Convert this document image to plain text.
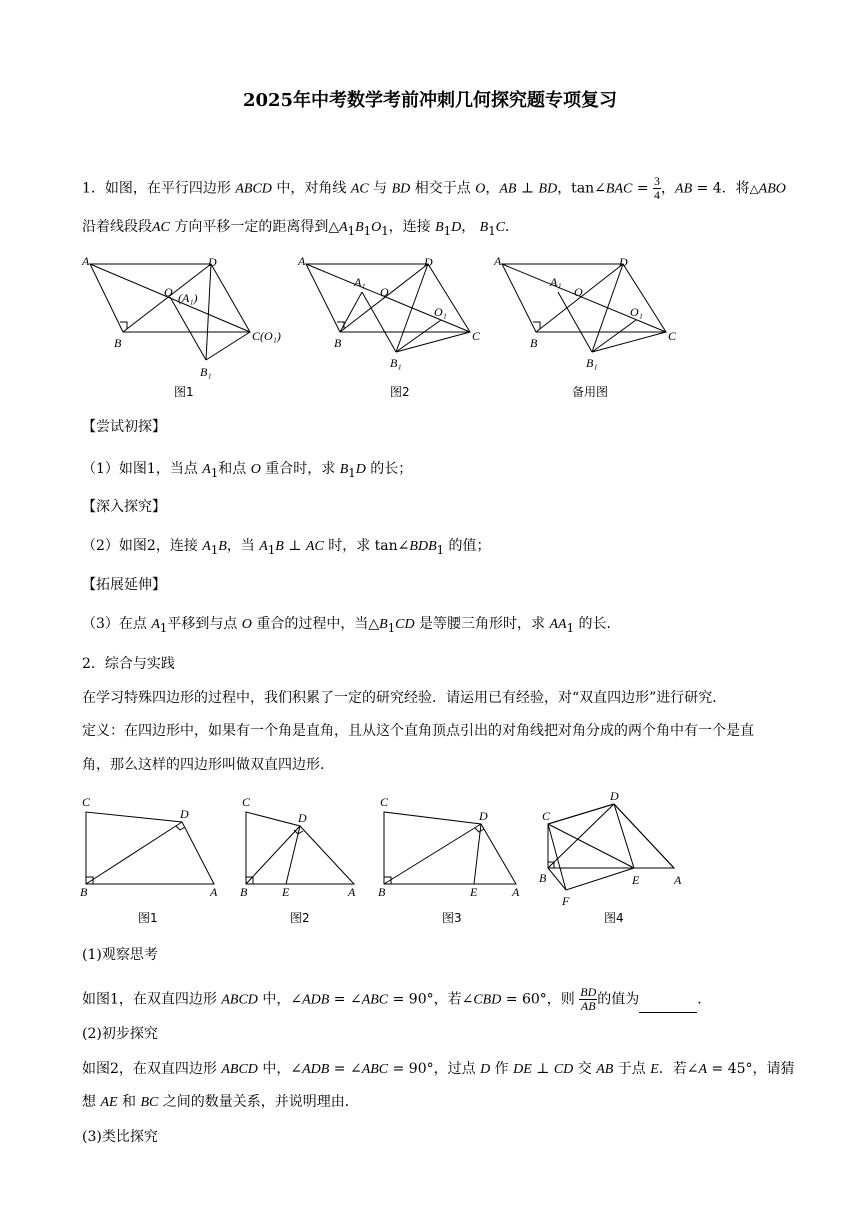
2025年中考数学考前冲刺几何探究题专项复习
1．如图，在平行四边形 ABCD 中，对角线 AC 与 BD 相交于点 O，AB ⊥ BD，tan∠BAC = $\frac{3}{4}$ ，AB = 4．将△ABO
沿着线段段AC 方向平移一定的距离得到$\triangle A_1B_1O_1$，连接 $B_1D$， $B_1C$．
A	D
B
O (A₁)
C(O₁)
B₁
图1
A	D
B
A₁
O
O₁
C
B₁
图2
A	D
B
A₁
O
O₁
C
B₁
备用图
【尝试初探】
（1）如图1，当点 $A_1$和点 O 重合时，求 $B_1D$ 的长；
【深入探究】
（2）如图2，连接 $A_1B$，当 $A_1B$ ⊥ AC 时，求 $\tan\angle BDB_1$ 的值；
【拓展延伸】
（3）在点 $A_1$平移到与点 O 重合的过程中，当$\triangle B_1CD$ 是等腰三角形时，求 $AA_1$ 的长．
2．综合与实践
在学习特殊四边形的过程中，我们积累了一定的研究经验．请运用已有经验，对“双直四边形”进行研究．
定义：在四边形中，如果有一个角是直角，且从这个直角顶点引出的对角线把对角分成的两个角中有一个是直
角，那么这样的四边形叫做双直四边形．
C
D
B	A
图1
C
D
B	E	A
图2
C
D
B	E	A
图3
C
D
B	E	A
F
图4
(1)观察思考
如图1，在双直四边形 ABCD 中，∠ADB = ∠ABC = 90°，若∠CBD = 60°，则 $\frac{BD}{AB}$ 的值为	．
(2)初步探究
如图2，在双直四边形 ABCD 中，∠ADB = ∠ABC = 90°，过点 D 作 DE ⊥ CD 交 AB 于点 E．若∠A = 45°，请猜
想 AE 和 BC 之间的数量关系，并说明理由．
(3)类比探究
